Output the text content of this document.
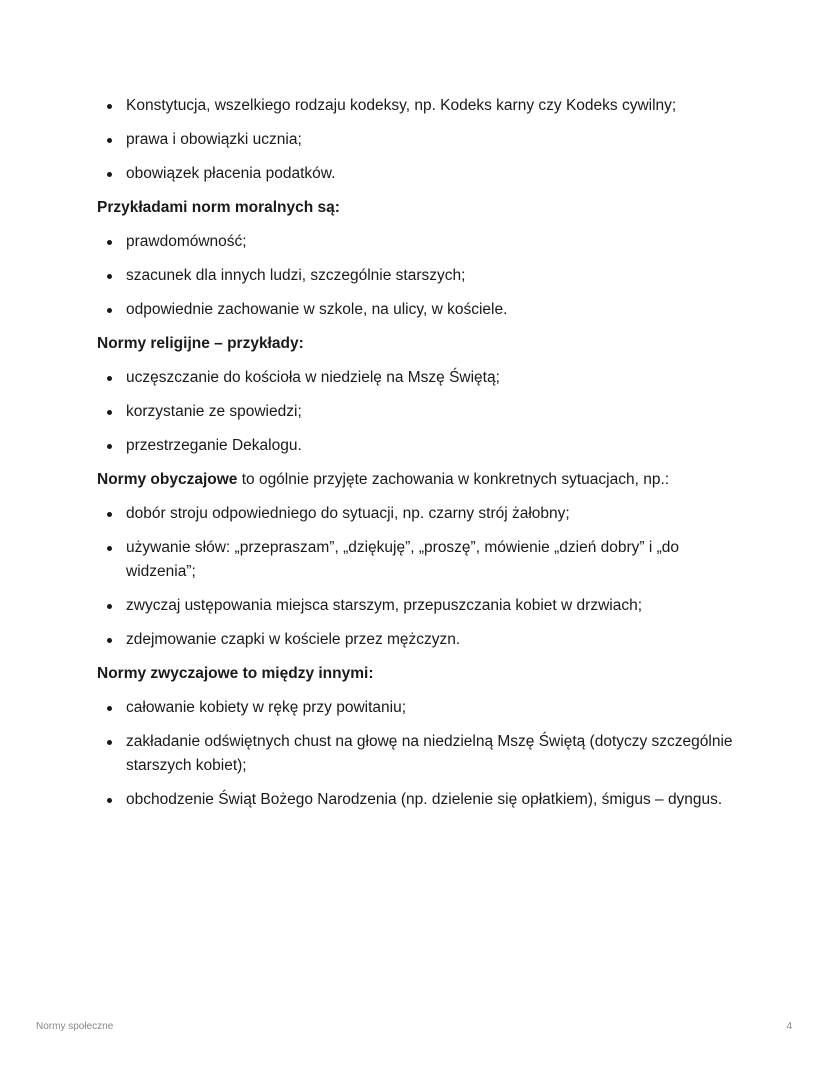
Konstytucja, wszelkiego rodzaju kodeksy, np. Kodeks karny czy Kodeks cywilny;
prawa i obowiązki ucznia;
obowiązek płacenia podatków.

Przykładami norm moralnych są:

prawdomówność;
szacunek dla innych ludzi, szczególnie starszych;
odpowiednie zachowanie w szkole, na ulicy, w kościele.

Normy religijne – przykłady:

uczęszczanie do kościoła w niedzielę na Mszę Świętą;
korzystanie ze spowiedzi;
przestrzeganie Dekalogu.

Normy obyczajowe to ogólnie przyjęte zachowania w konkretnych sytuacjach, np.:

dobór stroju odpowiedniego do sytuacji, np. czarny strój żałobny;
używanie słów: „przepraszam”, „dziękuję”, „proszę”, mówienie „dzień dobry” i „do widzenia”;
zwyczaj ustępowania miejsca starszym, przepuszczania kobiet w drzwiach;
zdejmowanie czapki w kościele przez mężczyzn.

Normy zwyczajowe to między innymi:

całowanie kobiety w rękę przy powitaniu;
zakładanie odświętnych chust na głowę na niedzielną Mszę Świętą (dotyczy szczególnie starszych kobiet);
obchodzenie Świąt Bożego Narodzenia (np. dzielenie się opłatkiem), śmigus – dyngus.
Normy społeczne	4
